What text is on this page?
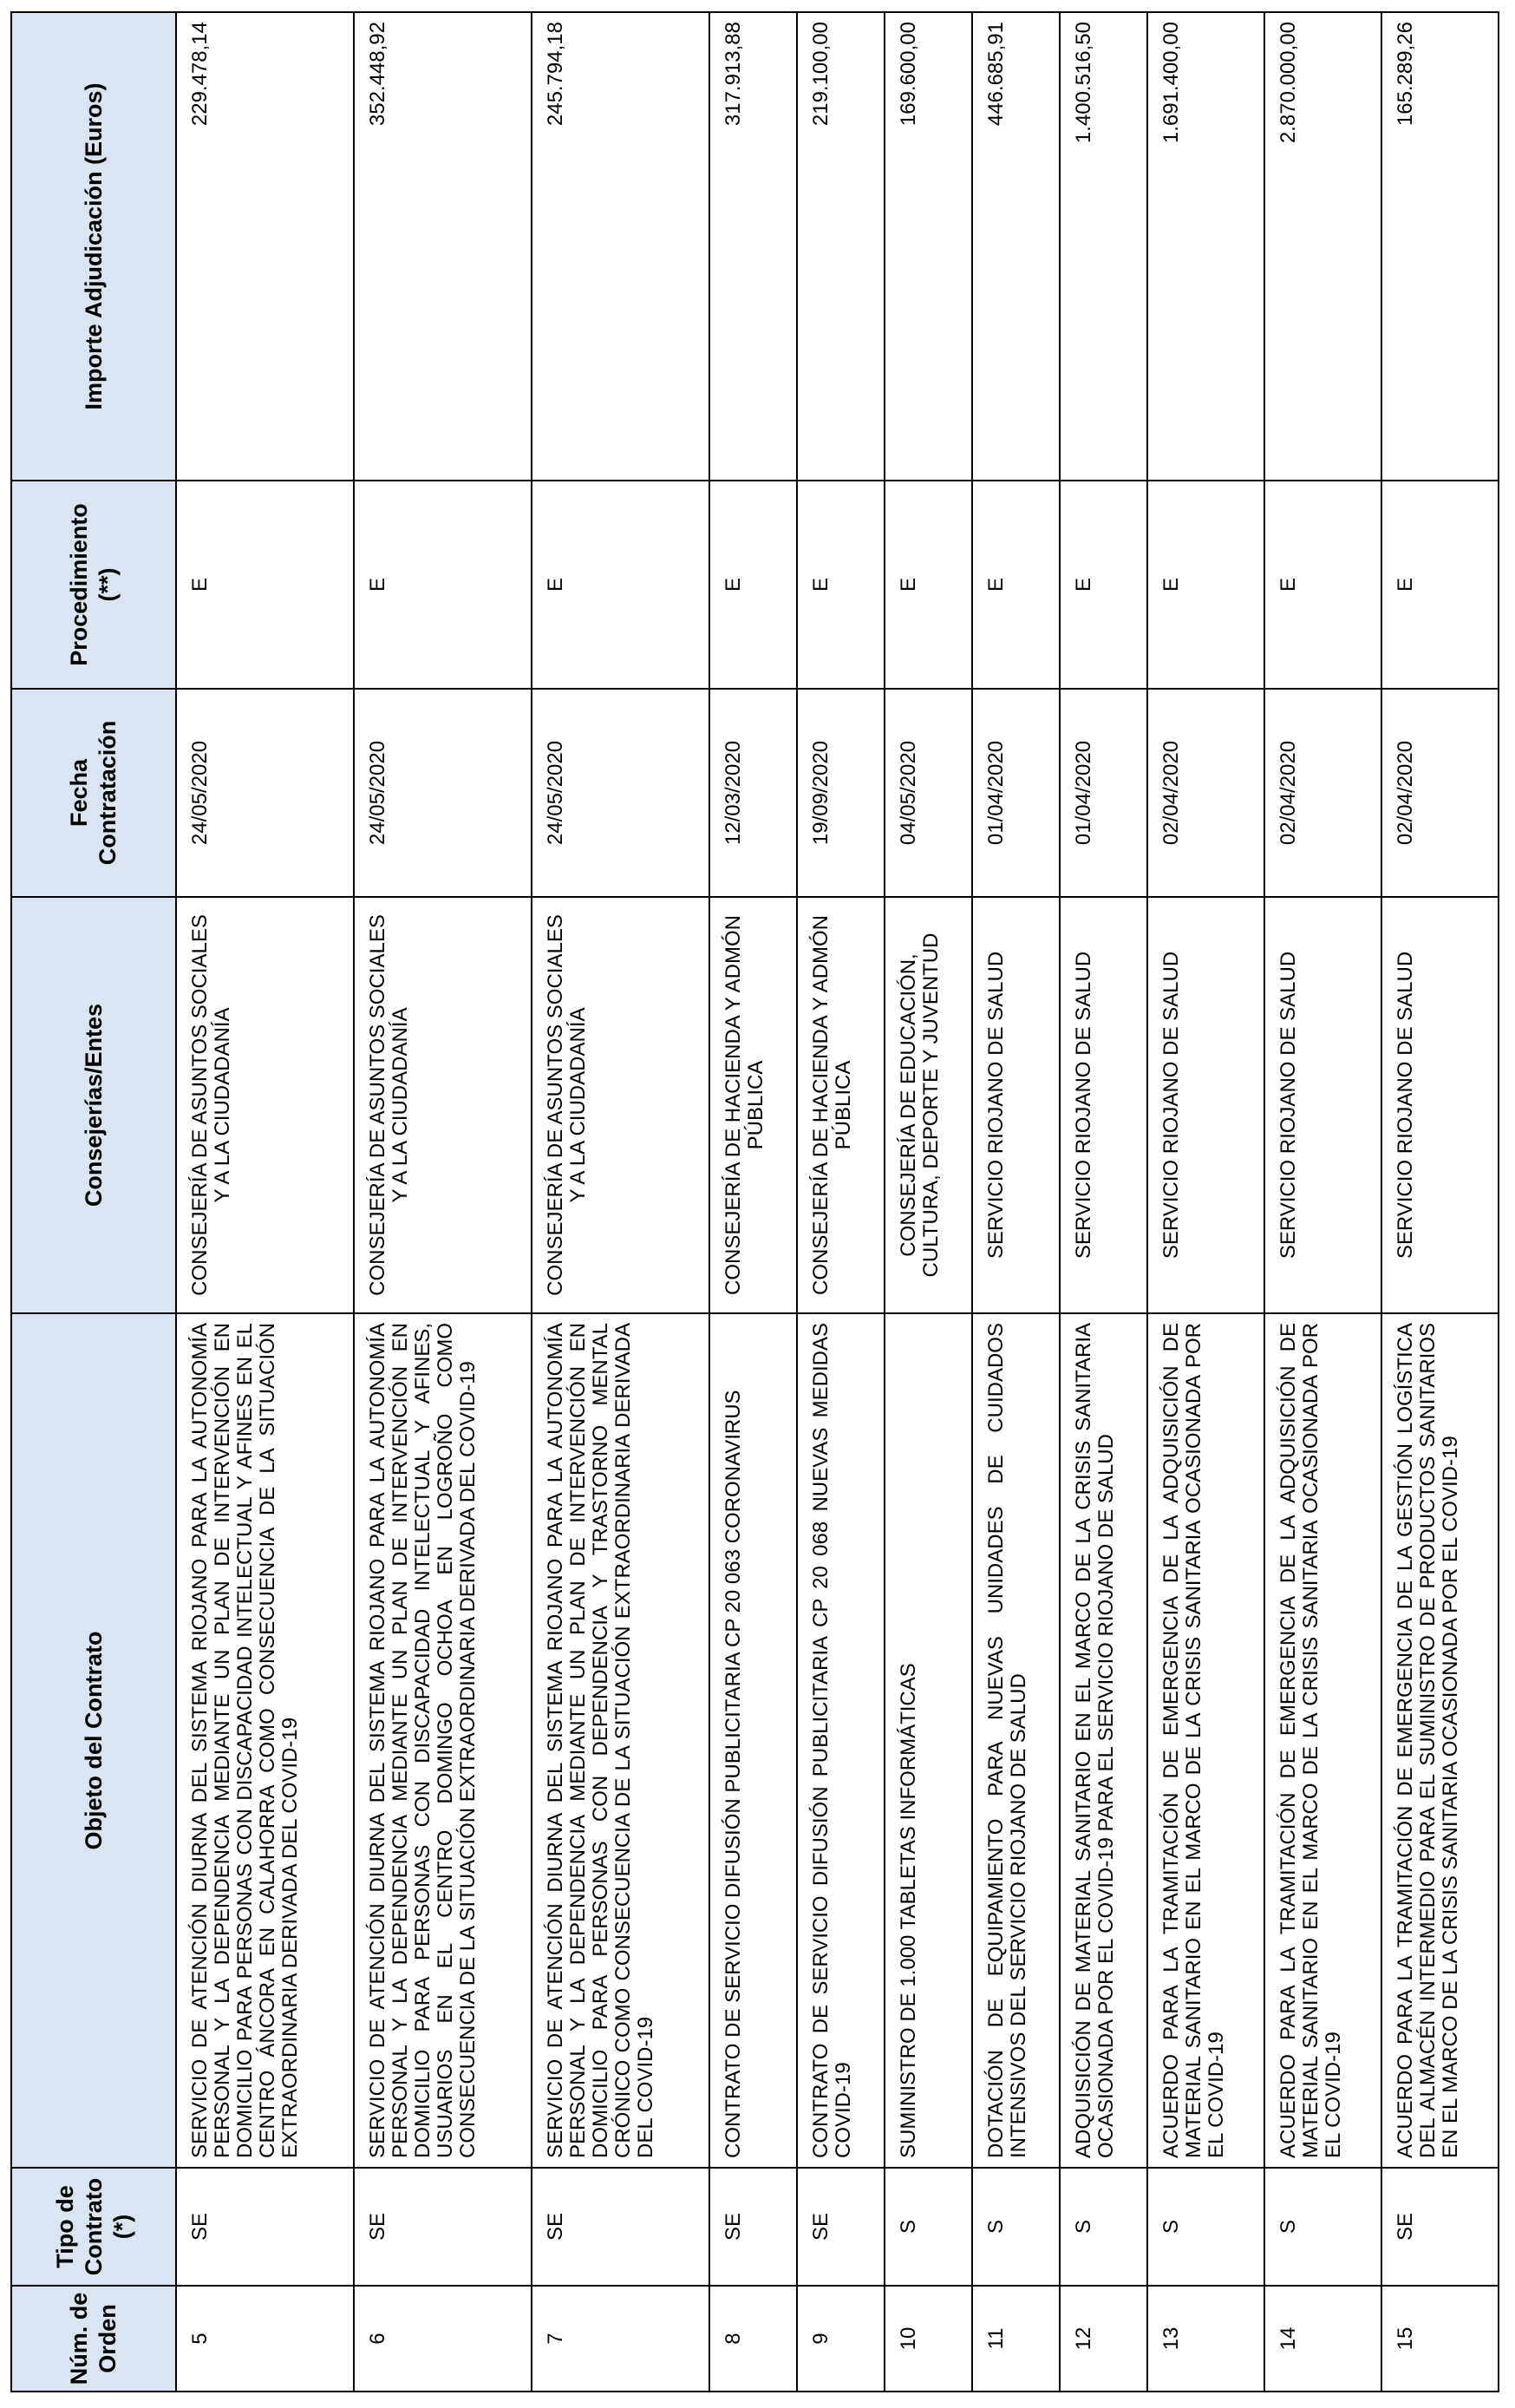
Núm. de Orden	Tipo de Contrato (*)	Objeto del Contrato	Consejerías/Entes	Fecha Contratación	Procedimiento (**)	Importe Adjudicación (Euros)
5	SE	SERVICIO DE ATENCIÓN DIURNA DEL SISTEMA RIOJANO PARA LA AUTONOMÍA PERSONAL Y LA DEPENDENCIA MEDIANTE UN PLAN DE INTERVENCIÓN EN DOMICILIO PARA PERSONAS CON DISCAPACIDAD INTELECTUAL Y AFINES EN EL CENTRO ÁNCORA EN CALAHORRA COMO CONSECUENCIA DE LA SITUACIÓN EXTRAORDINARIA DERIVADA DEL COVID-19	CONSEJERÍA DE ASUNTOS SOCIALES Y A LA CIUDADANÍA	24/05/2020	E	229.478,14
6	SE	SERVICIO DE ATENCIÓN DIURNA DEL SISTEMA RIOJANO PARA LA AUTONOMÍA PERSONAL Y LA DEPENDENCIA MEDIANTE UN PLAN DE INTERVENCIÓN EN DOMICILIO PARA PERSONAS CON DISCAPACIDAD INTELECTUAL Y AFINES, USUARIOS EN EL CENTRO DOMINGO OCHOA EN LOGROÑO COMO CONSECUENCIA DE LA SITUACIÓN EXTRAORDINARIA DERIVADA DEL COVID-19	CONSEJERÍA DE ASUNTOS SOCIALES Y A LA CIUDADANÍA	24/05/2020	E	352.448,92
7	SE	SERVICIO DE ATENCIÓN DIURNA DEL SISTEMA RIOJANO PARA LA AUTONOMÍA PERSONAL Y LA DEPENDENCIA MEDIANTE UN PLAN DE INTERVENCIÓN EN DOMICILIO PARA PERSONAS CON DEPENDENCIA Y TRASTORNO MENTAL CRÓNICO COMO CONSECUENCIA DE LA SITUACIÓN EXTRAORDINARIA DERIVADA DEL COVID-19	CONSEJERÍA DE ASUNTOS SOCIALES Y A LA CIUDADANÍA	24/05/2020	E	245.794,18
8	SE	CONTRATO DE SERVICIO DIFUSIÓN PUBLICITARIA CP 20 063 CORONAVIRUS	CONSEJERÍA DE HACIENDA Y ADMÓN PÚBLICA	12/03/2020	E	317.913,88
9	SE	CONTRATO DE SERVICIO DIFUSIÓN PUBLICITARIA CP 20 068 NUEVAS MEDIDAS COVID-19	CONSEJERÍA DE HACIENDA Y ADMÓN PÚBLICA	19/09/2020	E	219.100,00
10	S	SUMINISTRO DE 1.000 TABLETAS INFORMÁTICAS	CONSEJERÍA DE EDUCACIÓN, CULTURA, DEPORTE Y JUVENTUD	04/05/2020	E	169.600,00
11	S	DOTACIÓN DE EQUIPAMIENTO PARA NUEVAS UNIDADES DE CUIDADOS INTENSIVOS DEL SERVICIO RIOJANO DE SALUD	SERVICIO RIOJANO DE SALUD	01/04/2020	E	446.685,91
12	S	ADQUISICIÓN DE MATERIAL SANITARIO EN EL MARCO DE LA CRISIS SANITARIA OCASIONADA POR EL COVID-19 PARA EL SERVICIO RIOJANO DE SALUD	SERVICIO RIOJANO DE SALUD	01/04/2020	E	1.400.516,50
13	S	ACUERDO PARA LA TRAMITACIÓN DE EMERGENCIA DE LA ADQUISICIÓN DE MATERIAL SANITARIO EN EL MARCO DE LA CRISIS SANITARIA OCASIONADA POR EL COVID-19	SERVICIO RIOJANO DE SALUD	02/04/2020	E	1.691.400,00
14	S	ACUERDO PARA LA TRAMITACIÓN DE EMERGENCIA DE LA ADQUISICIÓN DE MATERIAL SANITARIO EN EL MARCO DE LA CRISIS SANITARIA OCASIONADA POR EL COVID-19	SERVICIO RIOJANO DE SALUD	02/04/2020	E	2.870.000,00
15	SE	ACUERDO PARA LA TRAMITACIÓN DE EMERGENCIA DE LA GESTIÓN LOGÍSTICA DEL ALMACÉN INTERMEDIO PARA EL SUMINISTRO DE PRODUCTOS SANITARIOS EN EL MARCO DE LA CRISIS SANITARIA OCASIONADA POR EL COVID-19	SERVICIO RIOJANO DE SALUD	02/04/2020	E	165.289,26
